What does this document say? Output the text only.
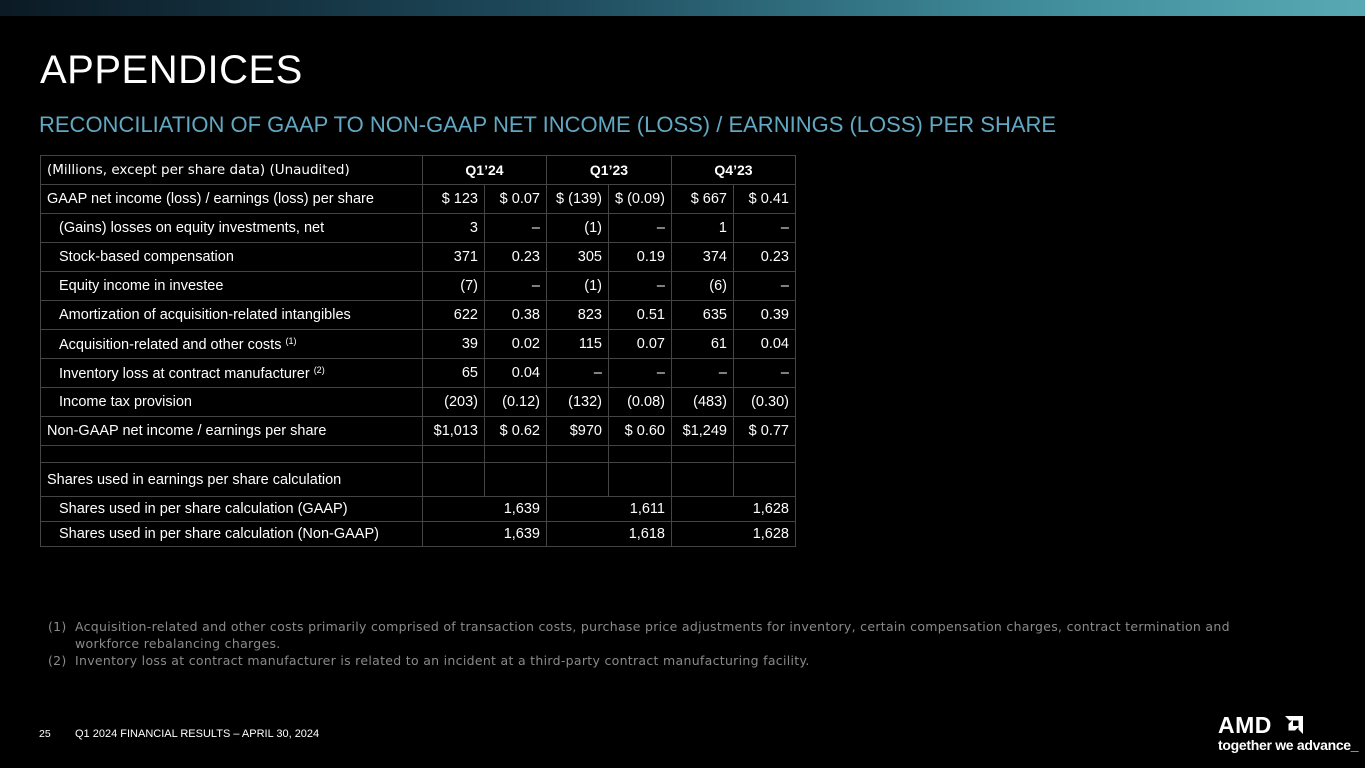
APPENDICES
RECONCILIATION OF GAAP TO NON-GAAP NET INCOME (LOSS) / EARNINGS (LOSS) PER SHARE
(Millions, except per share data) (Unaudited)	Q1’24		Q1’23		Q4’23	
GAAP net income (loss) / earnings (loss) per share	$ 123	$ 0.07	$ (139)	$ (0.09)	$ 667	$ 0.41
(Gains) losses on equity investments, net	3	–	(1)	–	1	–
Stock-based compensation	371	0.23	305	0.19	374	0.23
Equity income in investee	(7)	–	(1)	–	(6)	–
Amortization of acquisition-related intangibles	622	0.38	823	0.51	635	0.39
Acquisition-related and other costs $^{(1)}$	39	0.02	115	0.07	61	0.04
Inventory loss at contract manufacturer $^{(2)}$	65	0.04	–	–	–	–
Income tax provision	(203)	(0.12)	(132)	(0.08)	(483)	(0.30)
Non-GAAP net income / earnings per share	$1,013	$ 0.62	$970	$ 0.60	$1,249	$ 0.77

Shares used in earnings per share calculation						
Shares used in per share calculation (GAAP)	1,639		1,611		1,628	
Shares used in per share calculation (Non-GAAP)	1,639		1,618		1,628	
(1) Acquisition-related and other costs primarily comprised of transaction costs, purchase price adjustments for inventory, certain compensation charges, contract termination and workforce rebalancing charges.
(2) Inventory loss at contract manufacturer is related to an incident at a third-party contract manufacturing facility.
25 Q1 2024 FINANCIAL RESULTS – APRIL 30, 2024	AMD
together we advance_
